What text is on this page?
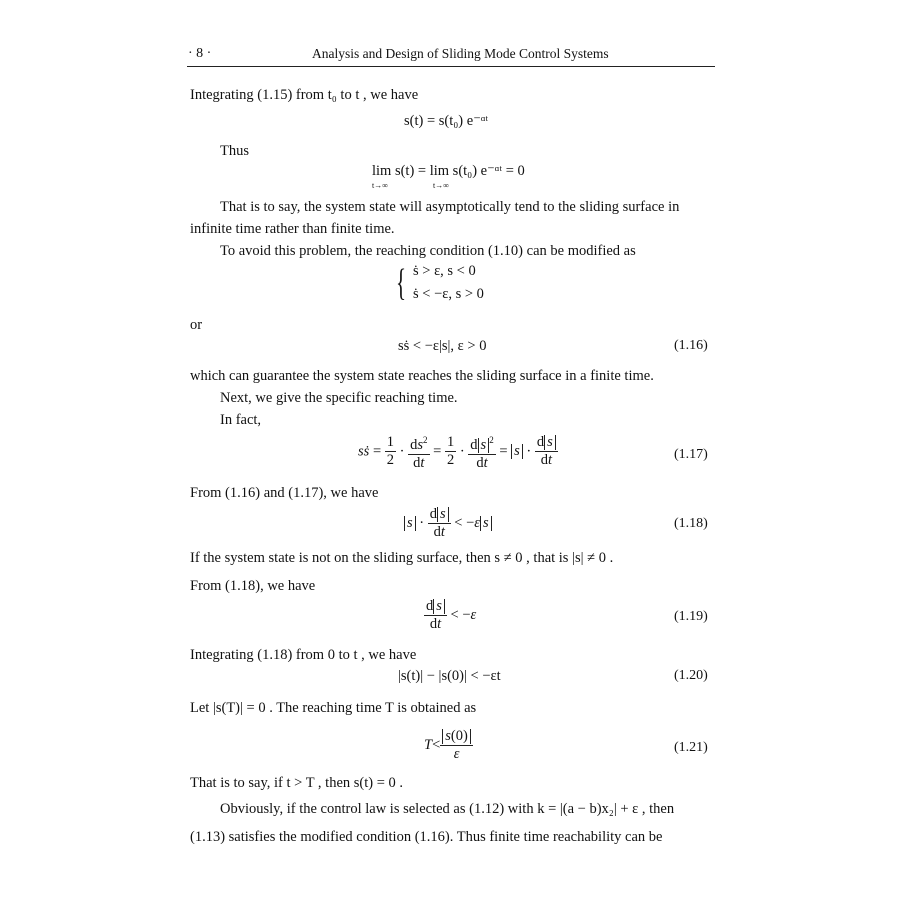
· 8 ·	Analysis and Design of Sliding Mode Control Systems
Integrating (1.15) from t₀ to t , we have
s(t) = s(t₀) e⁻ᵅᵗ
Thus
lim s(t) = lim s(t₀) e⁻ᵅᵗ = 0
t→∞	t→∞
That is to say, the system state will asymptotically tend to the sliding surface in
infinite time rather than finite time.
To avoid this problem, the reaching condition (1.10) can be modified as
{ ṡ > ε, s < 0
ṡ < −ε, s > 0
or
sṡ < −ε|s|, ε > 0	(1.16)
which can guarantee the system state reaches the sliding surface in a finite time.
Next, we give the specific reaching time.
In fact,
sṡ = $\frac{1}{2} \cdot \frac{ds^2}{dt} = \frac{1}{2} \cdot \frac{d s ^2}{dt} = s \cdot \frac{\text{d s}}{dt}$	(1.17)
From (1.16) and (1.17), we have
$s \cdot \frac{\text{d s}}{dt} < -\varepsilon$ s	(1.18)
If the system state is not on the sliding surface, then s ≠ 0 , that is |s| ≠ 0 .
From (1.18), we have
$\frac{\text{d s}}{dt} < -\varepsilon$	(1.19)
Integrating (1.18) from 0 to t , we have
|s(t)| − |s(0)| < −εt	(1.20)
Let |s(T)| = 0 . The reaching time T is obtained as
$T< \frac{s(0)}{\varepsilon}$	(1.21)
That is to say, if t > T , then s(t) = 0 .
Obviously, if the control law is selected as (1.12) with k = |(a − b)x₂| + ε , then
(1.13) satisfies the modified condition (1.16). Thus finite time reachability can be
